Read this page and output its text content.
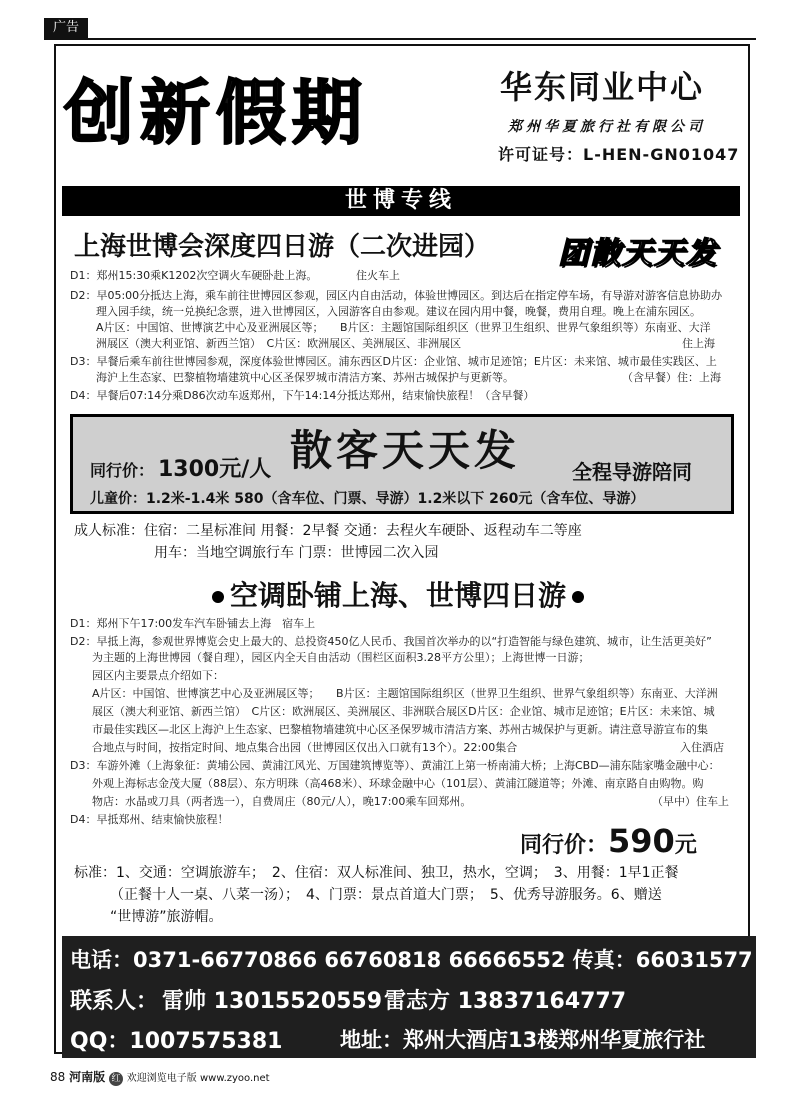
广告
创新假期	华东同业中心
郑州华夏旅行社有限公司
许可证号：L-HEN-GN01047
世博专线
上海世博会深度四日游（二次进园） 团散天天发
D1：郑州15:30乘K1202次空调火车硬卧赴上海。	住火车上
D2：早05:00分抵达上海，乘车前往世博园区参观，园区内自由活动，体验世博园区。到达后在指定停车场，有导游对游客信息协助办
理入园手续，统一兑换纪念票，进入世博园区，入园游客自由参观。建议在园内用中餐，晚餐，费用自理。晚上在浦东园区。
A片区：中国馆、世博演艺中心及亚洲展区等；　　B片区：主题馆国际组织区（世界卫生组织、世界气象组织等）东南亚、大洋
洲展区（澳大利亚馆、新西兰馆）　C片区：欧洲展区、美洲展区、非洲展区	住上海
D3：早餐后乘车前往世博园参观，深度体验世博园区。浦东西区D片区：企业馆、城市足迹馆；E片区：未来馆、城市最佳实践区、上
海沪上生态家、巴黎植物墙建筑中心区圣保罗城市清洁方案、苏州古城保护与更新等。	（含早餐）住：上海
D4：早餐后07:14分乘D86次动车返郑州，下午14:14分抵达郑州，结束愉快旅程！（含早餐）
散客天天发
同行价： 1300元/人	全程导游陪同
儿童价：1.2米-1.4米 580（含车位、门票、导游）1.2米以下 260元（含车位、导游）
成人标准：住宿：二星标准间 用餐：2早餐 交通：去程火车硬卧、返程动车二等座
用车：当地空调旅行车 门票：世博园二次入园
空调卧铺上海、世博四日游
D1：郑州下午17:00发车汽车卧铺去上海　宿车上
D2：早抵上海，参观世界博览会史上最大的、总投资450亿人民币、我国首次举办的以“打造智能与绿色建筑、城市，让生活更美好”
为主题的上海世博园（餐自理），园区内全天自由活动（围栏区面积3.28平方公里）；上海世博一日游；
园区内主要景点介绍如下：
A片区：中国馆、世博演艺中心及亚洲展区等；　　B片区：主题馆国际组织区（世界卫生组织、世界气象组织等）东南亚、大洋洲
展区（澳大利亚馆、新西兰馆）　C片区：欧洲展区、美洲展区、非洲联合展区D片区：企业馆、城市足迹馆；E片区：未来馆、城
市最佳实践区—北区上海沪上生态家、巴黎植物墙建筑中心区圣保罗城市清洁方案、苏州古城保护与更新。请注意导游宣布的集
合地点与时间，按指定时间、地点集合出园（世博园区仅出入口就有13个）。22:00集合	入住酒店
D3：车游外滩（上海象征：黄埔公园、黄浦江风光、万国建筑博览等）、黄浦江上第一桥南浦大桥；上海CBD—浦东陆家嘴金融中心：
外观上海标志金茂大厦（88层）、东方明珠（高468米）、环球金融中心（101层）、黄浦江隧道等；外滩、南京路自由购物。购
物店：水晶或刀具（两者选一），自费周庄（80元/人），晚17:00乘车回郑州。	（早中）住车上
D4：早抵郑州、结束愉快旅程！
同行价：590元
标准：1、交通：空调旅游车；　2、住宿：双人标准间、独卫，热水，空调；　3、用餐：1早1正餐
（正餐十人一桌、八菜一汤）；　4、门票：景点首道大门票；　5、优秀导游服务。6、赠送
“世博游”旅游帽。
电话：0371-66770866 66760818 66666552 传真：66031577
联系人： 雷帅 13015520559 雷志方 13837164777
QQ：1007575381	地址：郑州大酒店13楼郑州华夏旅行社
88 河南版 红 欢迎浏览电子版 www.zyoo.net
